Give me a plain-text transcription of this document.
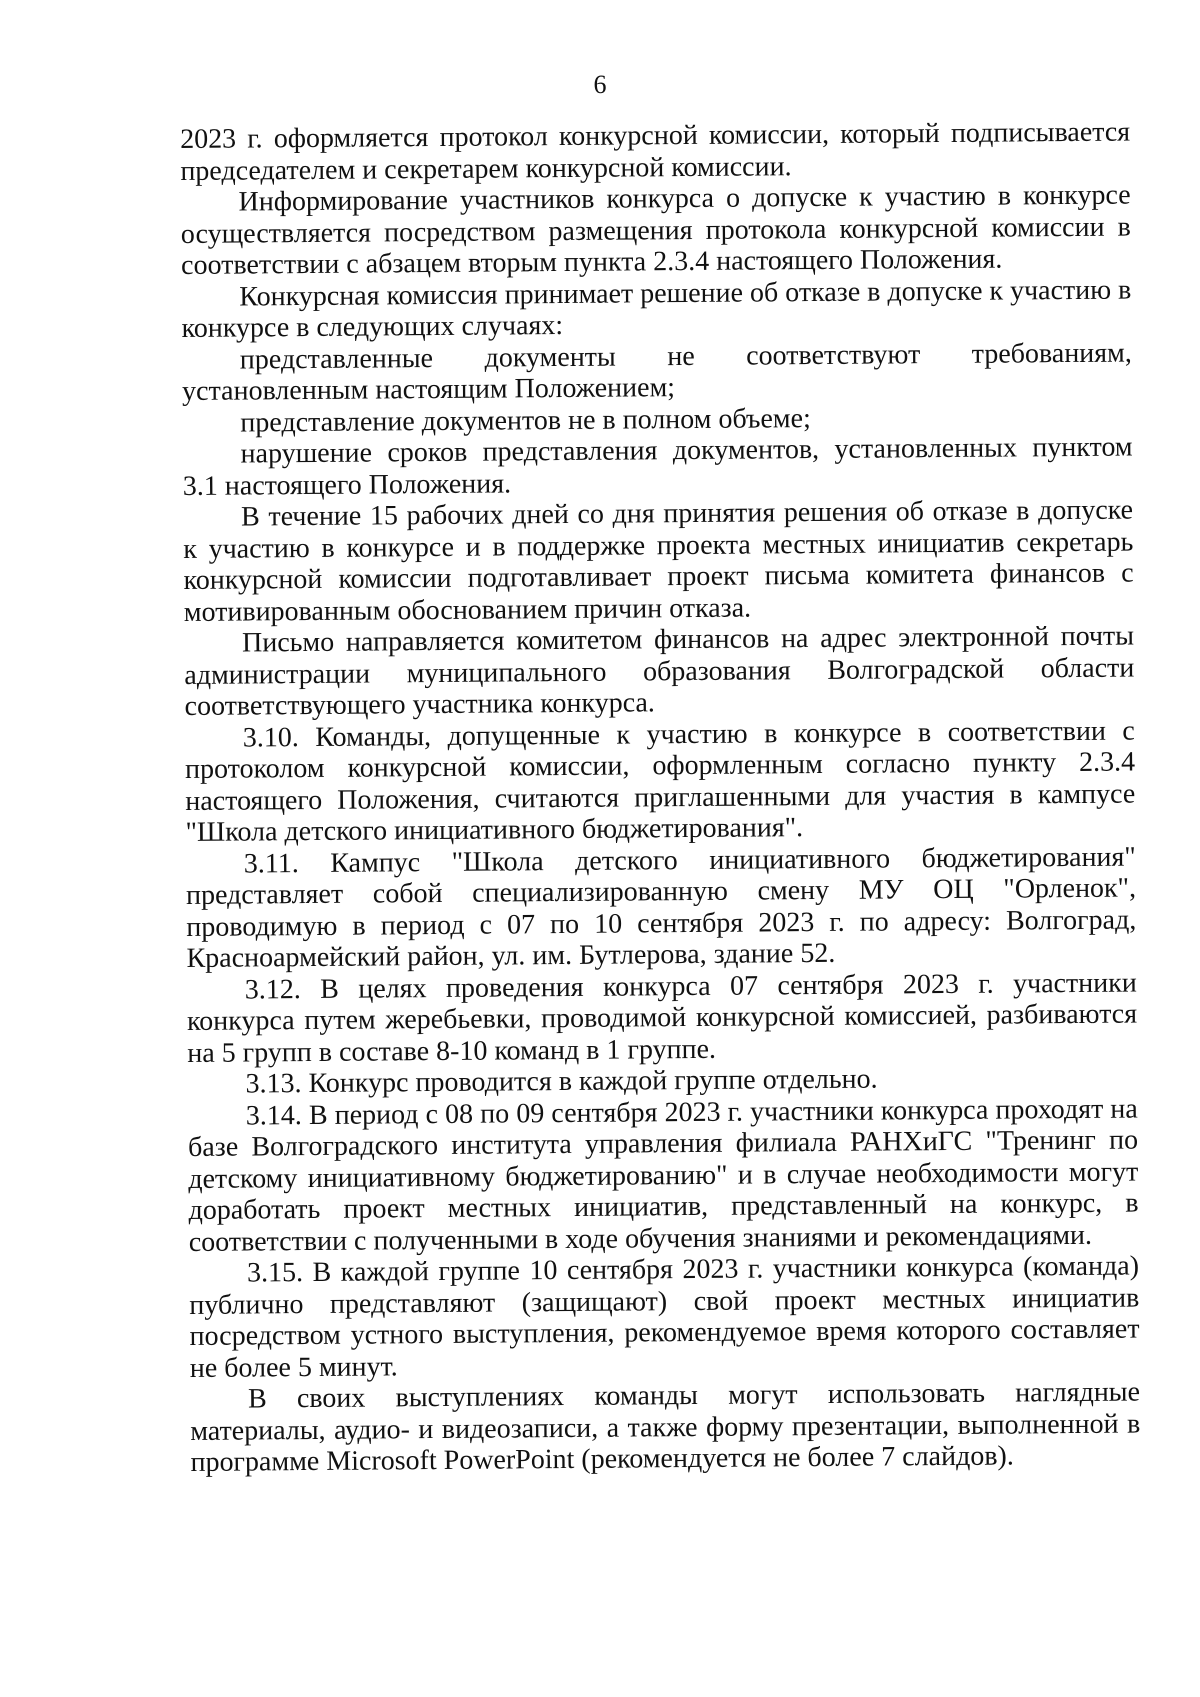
6

2023 г. оформляется протокол конкурсной комиссии, который подписывается председателем и секретарем конкурсной комиссии.

Информирование участников конкурса о допуске к участию в конкурсе осуществляется посредством размещения протокола конкурсной комиссии в соответствии с абзацем вторым пункта 2.3.4 настоящего Положения.

Конкурсная комиссия принимает решение об отказе в допуске к участию в конкурсе в следующих случаях:

представленные документы не соответствуют требованиям, установленным настоящим Положением;

представление документов не в полном объеме;

нарушение сроков представления документов, установленных пунктом 3.1 настоящего Положения.

В течение 15 рабочих дней со дня принятия решения об отказе в допуске к участию в конкурсе и в поддержке проекта местных инициатив секретарь конкурсной комиссии подготавливает проект письма комитета финансов с мотивированным обоснованием причин отказа.

Письмо направляется комитетом финансов на адрес электронной почты администрации муниципального образования Волгоградской области соответствующего участника конкурса.

3.10. Команды, допущенные к участию в конкурсе в соответствии с протоколом конкурсной комиссии, оформленным согласно пункту 2.3.4 настоящего Положения, считаются приглашенными для участия в кампусе "Школа детского инициативного бюджетирования".

3.11. Кампус "Школа детского инициативного бюджетирования" представляет собой специализированную смену МУ ОЦ "Орленок", проводимую в период с 07 по 10 сентября 2023 г. по адресу: Волгоград, Красноармейский район, ул. им. Бутлерова, здание 52.

3.12. В целях проведения конкурса 07 сентября 2023 г. участники конкурса путем жеребьевки, проводимой конкурсной комиссией, разбиваются на 5 групп в составе 8-10 команд в 1 группе.

3.13. Конкурс проводится в каждой группе отдельно.

3.14. В период с 08 по 09 сентября 2023 г. участники конкурса проходят на базе Волгоградского института управления филиала РАНХиГС "Тренинг по детскому инициативному бюджетированию" и в случае необходимости могут доработать проект местных инициатив, представленный на конкурс, в соответствии с полученными в ходе обучения знаниями и рекомендациями.

3.15. В каждой группе 10 сентября 2023 г. участники конкурса (команда) публично представляют (защищают) свой проект местных инициатив посредством устного выступления, рекомендуемое время которого составляет не более 5 минут.

В своих выступлениях команды могут использовать наглядные материалы, аудио- и видеозаписи, а также форму презентации, выполненной в программе Microsoft PowerPoint (рекомендуется не более 7 слайдов).
